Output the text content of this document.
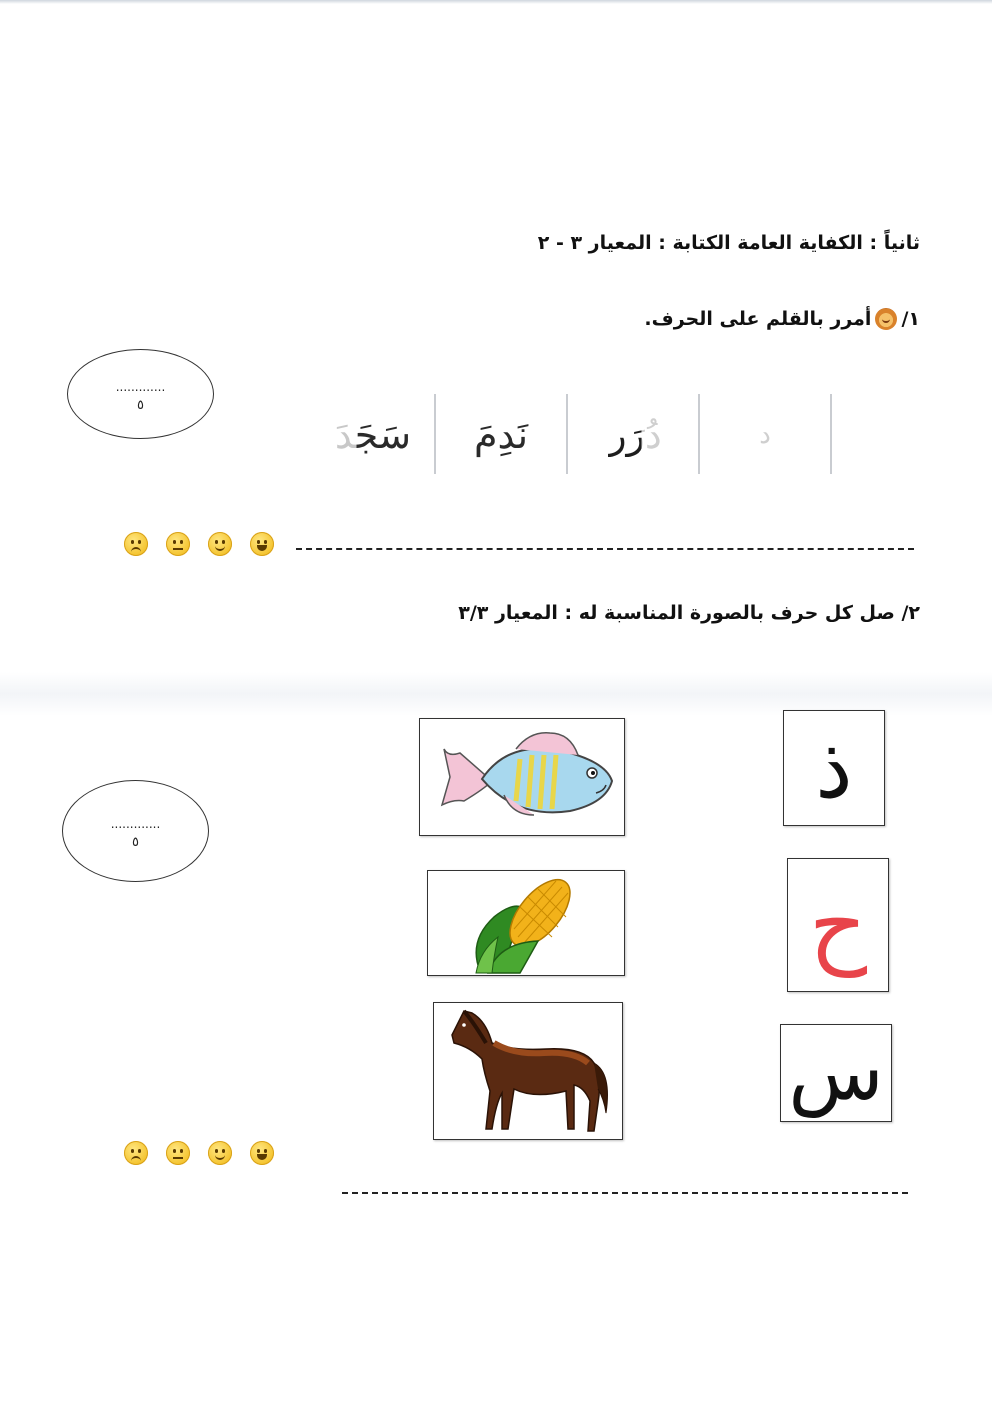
ثانياً : الكفاية العامة الكتابة : المعيار ٣ - ٢
١/
أمرر بالقلم على الحرف.
.............
٥
سَجَدَ نَدِمَ دُرَر	د
٢/ صل كل حرف بالصورة المناسبة له : المعيار ٣/٣
.............
٥
ذ
ح
س
